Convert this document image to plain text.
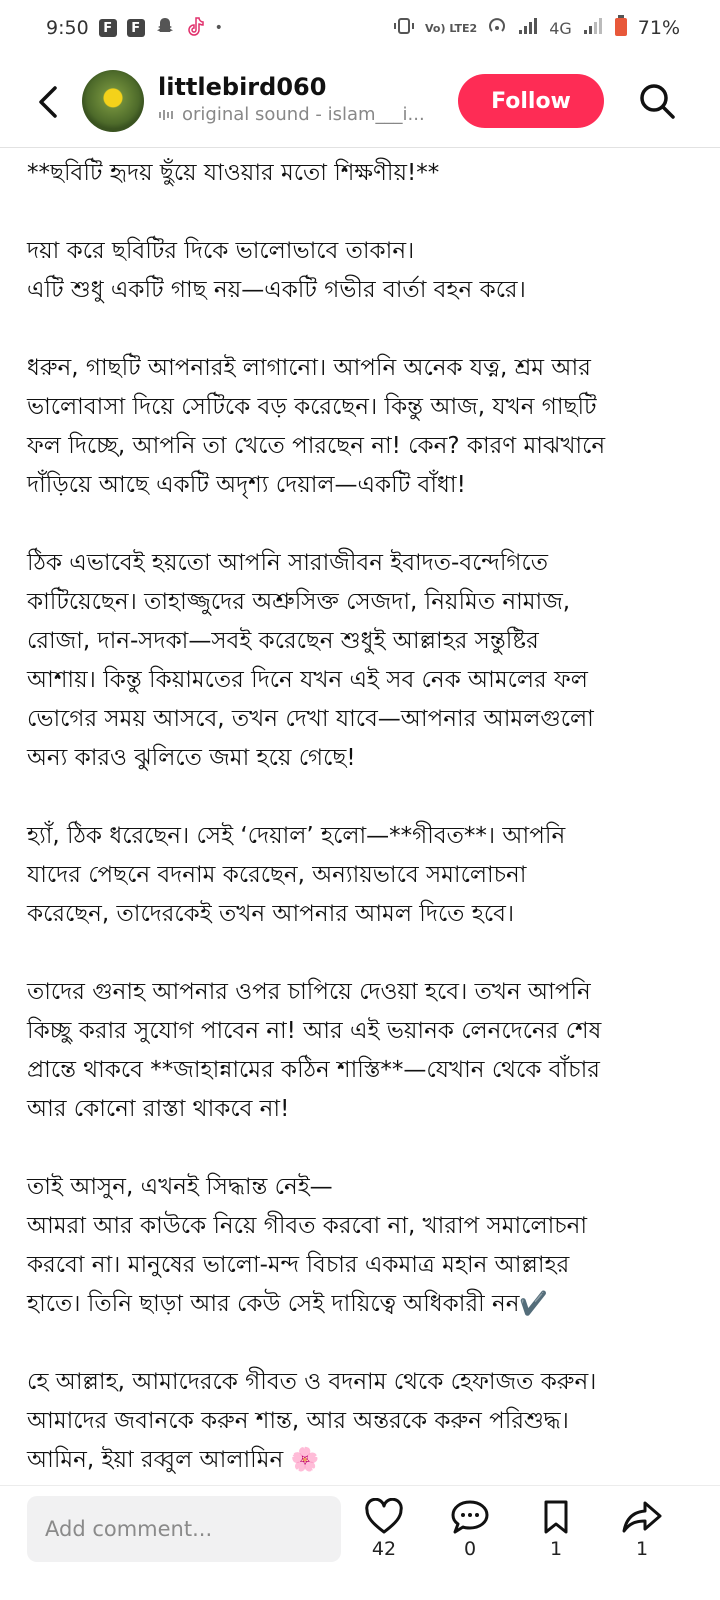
9:50	F	F	•	Vo) LTE2	4G	71%
littlebird060
original sound - islam___i...
Follow

**ছবিটি হৃদয় ছুঁয়ে যাওয়ার মতো শিক্ষণীয়!**

দয়া করে ছবিটির দিকে ভালোভাবে তাকান।
এটি শুধু একটি গাছ নয়—একটি গভীর বার্তা বহন করে।

ধরুন, গাছটি আপনারই লাগানো। আপনি অনেক যত্ন, শ্রম আর
ভালোবাসা দিয়ে সেটিকে বড় করেছেন। কিন্তু আজ, যখন গাছটি
ফল দিচ্ছে, আপনি তা খেতে পারছেন না! কেন? কারণ মাঝখানে
দাঁড়িয়ে আছে একটি অদৃশ্য দেয়াল—একটি বাঁধা!

ঠিক এভাবেই হয়তো আপনি সারাজীবন ইবাদত-বন্দেগিতে
কাটিয়েছেন। তাহাজ্জুদের অশ্রুসিক্ত সেজদা, নিয়মিত নামাজ,
রোজা, দান-সদকা—সবই করেছেন শুধুই আল্লাহর সন্তুষ্টির
আশায়। কিন্তু কিয়ামতের দিনে যখন এই সব নেক আমলের ফল
ভোগের সময় আসবে, তখন দেখা যাবে—আপনার আমলগুলো
অন্য কারও ঝুলিতে জমা হয়ে গেছে!

হ্যাঁ, ঠিক ধরেছেন। সেই ‘দেয়াল’ হলো—**গীবত**। আপনি
যাদের পেছনে বদনাম করেছেন, অন্যায়ভাবে সমালোচনা
করেছেন, তাদেরকেই তখন আপনার আমল দিতে হবে।

তাদের গুনাহ আপনার ওপর চাপিয়ে দেওয়া হবে। তখন আপনি
কিচ্ছু করার সুযোগ পাবেন না! আর এই ভয়ানক লেনদেনের শেষ
প্রান্তে থাকবে **জাহান্নামের কঠিন শাস্তি**—যেখান থেকে বাঁচার
আর কোনো রাস্তা থাকবে না!

তাই আসুন, এখনই সিদ্ধান্ত নেই—
আমরা আর কাউকে নিয়ে গীবত করবো না, খারাপ সমালোচনা
করবো না। মানুষের ভালো-মন্দ বিচার একমাত্র মহান আল্লাহর
হাতে। তিনি ছাড়া আর কেউ সেই দায়িত্বে অধিকারী নন✔️

হে আল্লাহ, আমাদেরকে গীবত ও বদনাম থেকে হেফাজত করুন।
আমাদের জবানকে করুন শান্ত, আর অন্তরকে করুন পরিশুদ্ধ।
আমিন, ইয়া রব্বুল আলামিন 🌸

Add comment...
42	0	1	1
